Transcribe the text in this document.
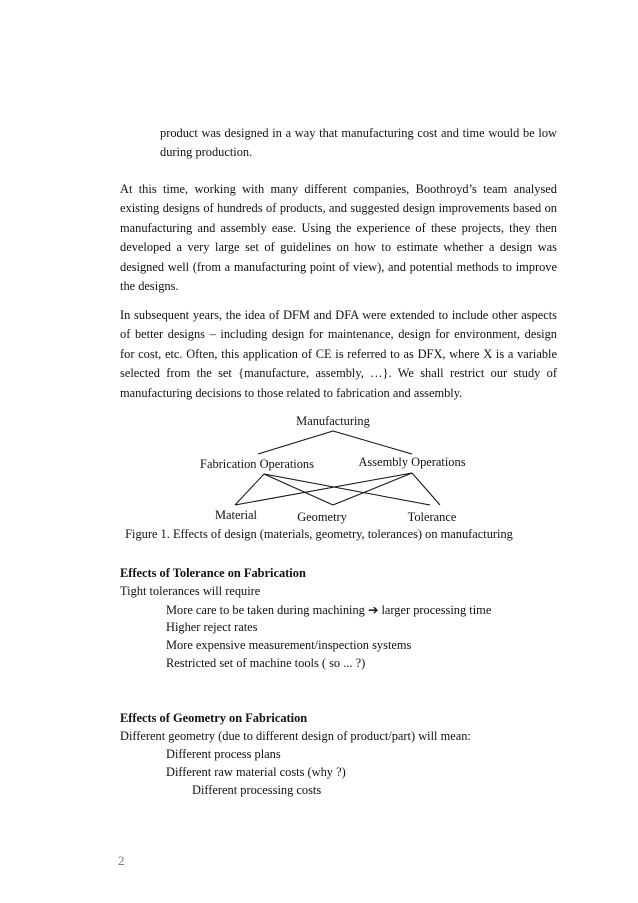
product was designed in a way that manufacturing cost and time would be low during production.

At this time, working with many different companies, Boothroyd’s team analysed existing designs of hundreds of products, and suggested design improvements based on manufacturing and assembly ease. Using the experience of these projects, they then developed a very large set of guidelines on how to estimate whether a design was designed well (from a manufacturing point of view), and potential methods to improve the designs.

In subsequent years, the idea of DFM and DFA were extended to include other aspects of better designs – including design for maintenance, design for environment, design for cost, etc. Often, this application of CE is referred to as DFX, where X is a variable selected from the set {manufacture, assembly, …}. We shall restrict our study of manufacturing decisions to those related to fabrication and assembly.

Manufacturing
Fabrication Operations	Assembly Operations
Material	Geometry	Tolerance

Figure 1. Effects of design (materials, geometry, tolerances) on manufacturing

Effects of Tolerance on Fabrication

Tight tolerances will require

More care to be taken during machining ➔ larger processing time

Higher reject rates

More expensive measurement/inspection systems

Restricted set of machine tools ( so ... ?)

Effects of Geometry on Fabrication

Different geometry (due to different design of product/part) will mean:

Different process plans

Different raw material costs (why ?)

Different processing costs

2
